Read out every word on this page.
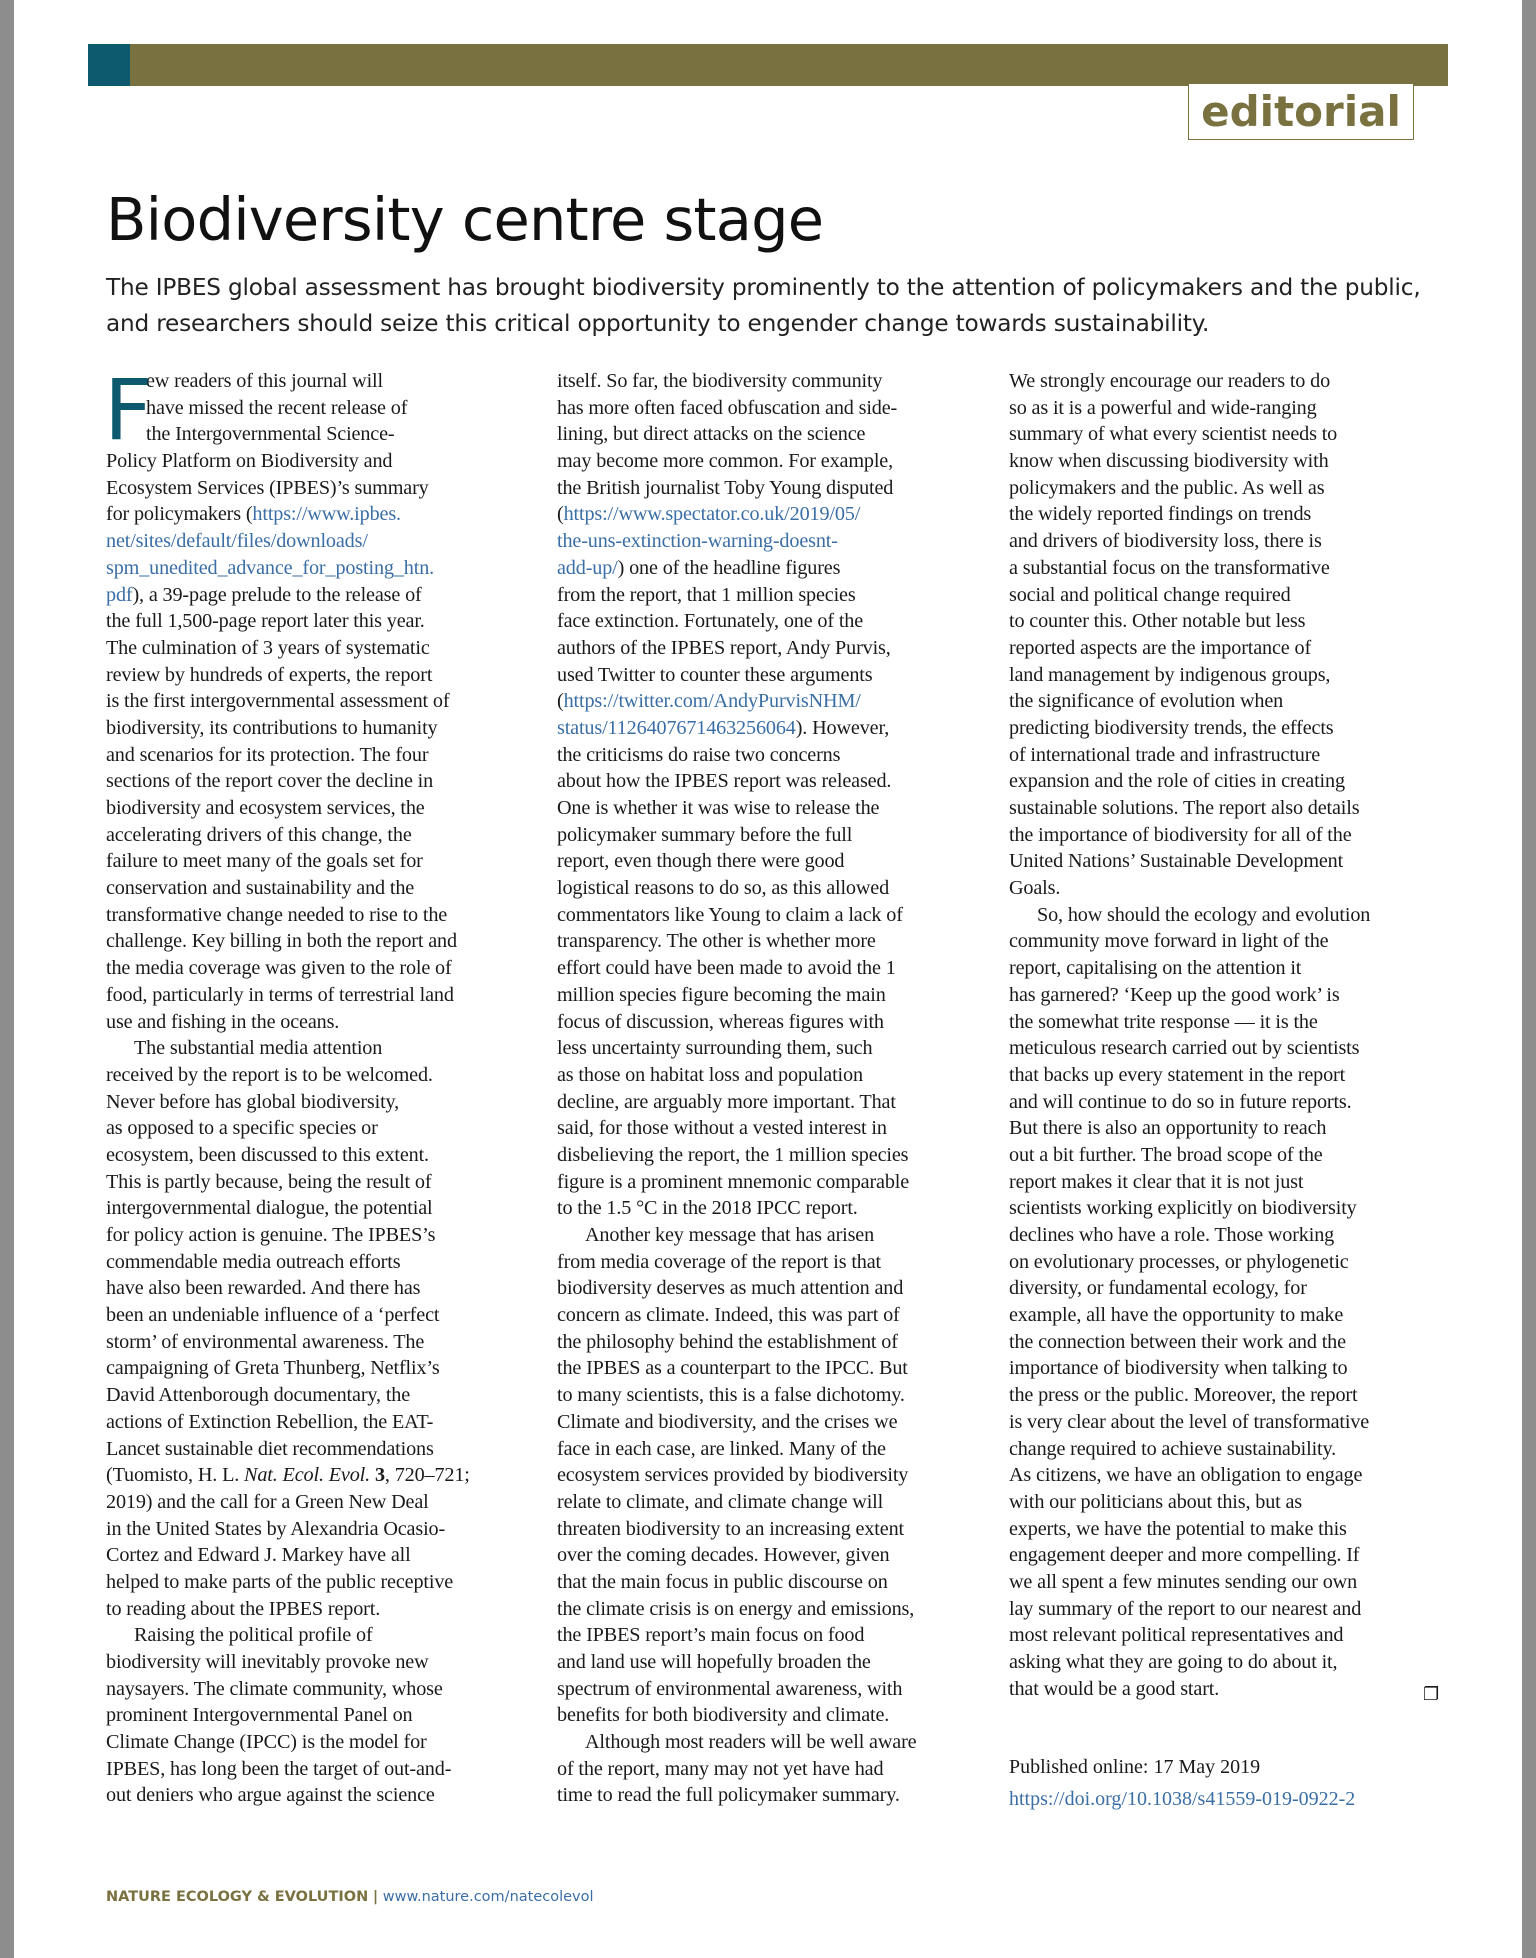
editorial
Biodiversity centre stage

The IPBES global assessment has brought biodiversity prominently to the attention of policymakers and the public, and researchers should seize this critical opportunity to engender change towards sustainability.

F
ew readers of this journal will
have missed the recent release of
the Intergovernmental Science-
Policy Platform on Biodiversity and
Ecosystem Services (IPBES)’s summary
for policymakers (https://www.ipbes.
net/sites/default/files/downloads/
spm_unedited_advance_for_posting_htn.
pdf), a 39-page prelude to the release of
the full 1,500-page report later this year.
The culmination of 3 years of systematic
review by hundreds of experts, the report
is the first intergovernmental assessment of
biodiversity, its contributions to humanity
and scenarios for its protection. The four
sections of the report cover the decline in
biodiversity and ecosystem services, the
accelerating drivers of this change, the
failure to meet many of the goals set for
conservation and sustainability and the
transformative change needed to rise to the
challenge. Key billing in both the report and
the media coverage was given to the role of
food, particularly in terms of terrestrial land
use and fishing in the oceans.
The substantial media attention
received by the report is to be welcomed.
Never before has global biodiversity,
as opposed to a specific species or
ecosystem, been discussed to this extent.
This is partly because, being the result of
intergovernmental dialogue, the potential
for policy action is genuine. The IPBES’s
commendable media outreach efforts
have also been rewarded. And there has
been an undeniable influence of a ‘perfect
storm’ of environmental awareness. The
campaigning of Greta Thunberg, Netflix’s
David Attenborough documentary, the
actions of Extinction Rebellion, the EAT-
Lancet sustainable diet recommendations
(Tuomisto, H. L. Nat. Ecol. Evol. 3, 720–721;
2019) and the call for a Green New Deal
in the United States by Alexandria Ocasio-
Cortez and Edward J. Markey have all
helped to make parts of the public receptive
to reading about the IPBES report.
Raising the political profile of
biodiversity will inevitably provoke new
naysayers. The climate community, whose
prominent Intergovernmental Panel on
Climate Change (IPCC) is the model for
IPBES, has long been the target of out-and-
out deniers who argue against the science
itself. So far, the biodiversity community
has more often faced obfuscation and side-
lining, but direct attacks on the science
may become more common. For example,
the British journalist Toby Young disputed
(https://www.spectator.co.uk/2019/05/
the-uns-extinction-warning-doesnt-
add-up/) one of the headline figures
from the report, that 1 million species
face extinction. Fortunately, one of the
authors of the IPBES report, Andy Purvis,
used Twitter to counter these arguments
(https://twitter.com/AndyPurvisNHM/
status/1126407671463256064). However,
the criticisms do raise two concerns
about how the IPBES report was released.
One is whether it was wise to release the
policymaker summary before the full
report, even though there were good
logistical reasons to do so, as this allowed
commentators like Young to claim a lack of
transparency. The other is whether more
effort could have been made to avoid the 1
million species figure becoming the main
focus of discussion, whereas figures with
less uncertainty surrounding them, such
as those on habitat loss and population
decline, are arguably more important. That
said, for those without a vested interest in
disbelieving the report, the 1 million species
figure is a prominent mnemonic comparable
to the 1.5 °C in the 2018 IPCC report.
Another key message that has arisen
from media coverage of the report is that
biodiversity deserves as much attention and
concern as climate. Indeed, this was part of
the philosophy behind the establishment of
the IPBES as a counterpart to the IPCC. But
to many scientists, this is a false dichotomy.
Climate and biodiversity, and the crises we
face in each case, are linked. Many of the
ecosystem services provided by biodiversity
relate to climate, and climate change will
threaten biodiversity to an increasing extent
over the coming decades. However, given
that the main focus in public discourse on
the climate crisis is on energy and emissions,
the IPBES report’s main focus on food
and land use will hopefully broaden the
spectrum of environmental awareness, with
benefits for both biodiversity and climate.
Although most readers will be well aware
of the report, many may not yet have had
time to read the full policymaker summary.
We strongly encourage our readers to do
so as it is a powerful and wide-ranging
summary of what every scientist needs to
know when discussing biodiversity with
policymakers and the public. As well as
the widely reported findings on trends
and drivers of biodiversity loss, there is
a substantial focus on the transformative
social and political change required
to counter this. Other notable but less
reported aspects are the importance of
land management by indigenous groups,
the significance of evolution when
predicting biodiversity trends, the effects
of international trade and infrastructure
expansion and the role of cities in creating
sustainable solutions. The report also details
the importance of biodiversity for all of the
United Nations’ Sustainable Development
Goals.
So, how should the ecology and evolution
community move forward in light of the
report, capitalising on the attention it
has garnered? ‘Keep up the good work’ is
the somewhat trite response — it is the
meticulous research carried out by scientists
that backs up every statement in the report
and will continue to do so in future reports.
But there is also an opportunity to reach
out a bit further. The broad scope of the
report makes it clear that it is not just
scientists working explicitly on biodiversity
declines who have a role. Those working
on evolutionary processes, or phylogenetic
diversity, or fundamental ecology, for
example, all have the opportunity to make
the connection between their work and the
importance of biodiversity when talking to
the press or the public. Moreover, the report
is very clear about the level of transformative
change required to achieve sustainability.
As citizens, we have an obligation to engage
with our politicians about this, but as
experts, we have the potential to make this
engagement deeper and more compelling. If
we all spent a few minutes sending our own
lay summary of the report to our nearest and
most relevant political representatives and
asking what they are going to do about it,
that would be a good start.	❐
Published online: 17 May 2019
https://doi.org/10.1038/s41559-019-0922-2
NATURE ECOLOGY & EVOLUTION | www.nature.com/natecolevol
